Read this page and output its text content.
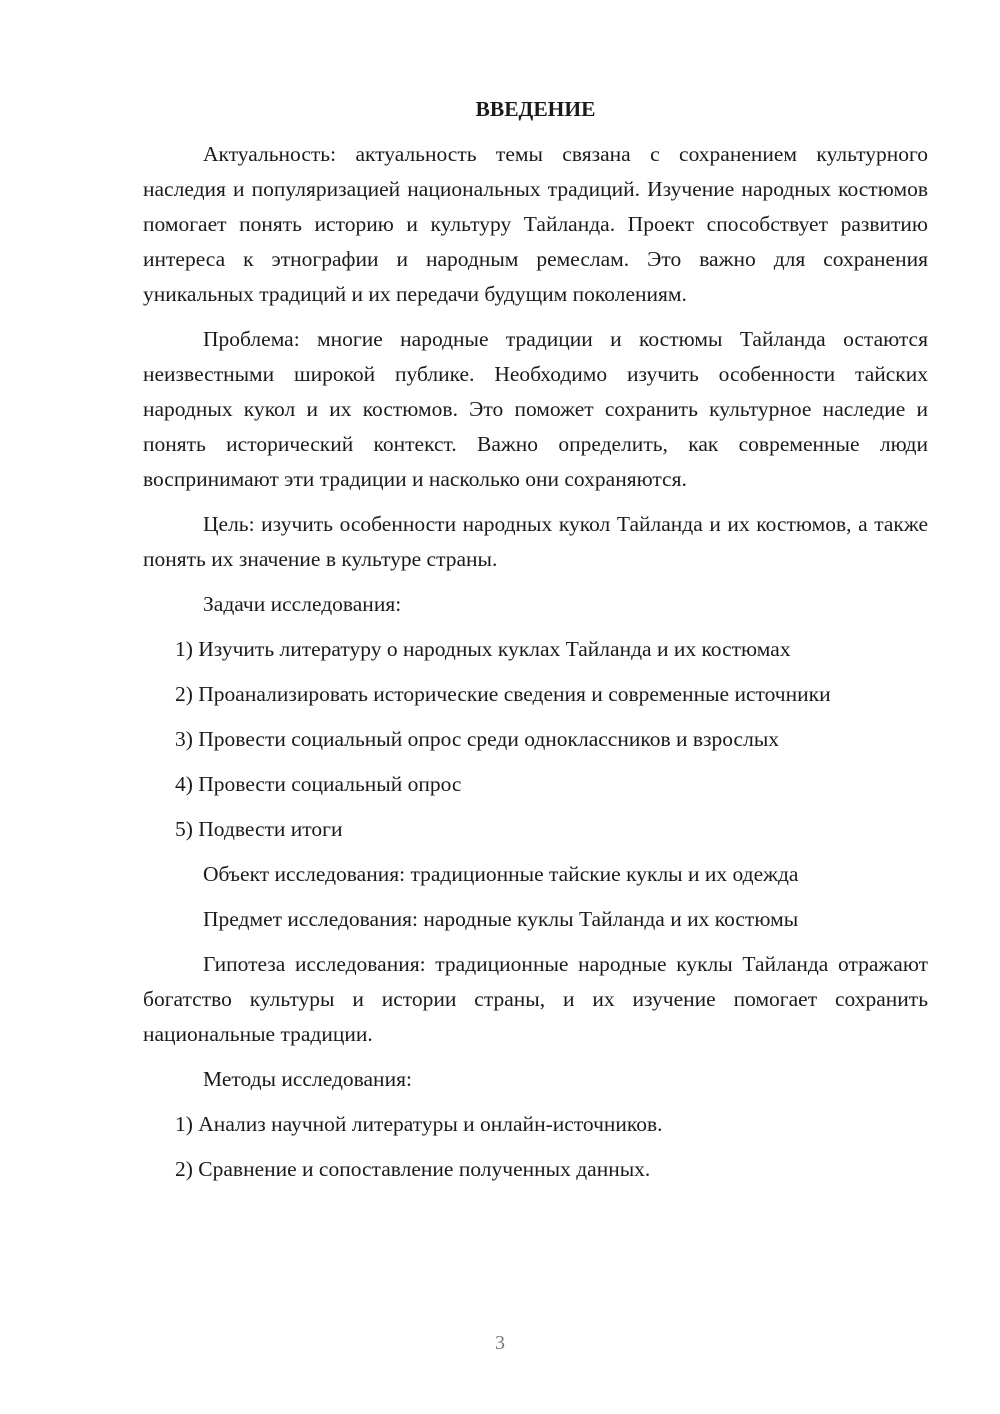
ВВЕДЕНИЕ
Актуальность: актуальность темы связана с сохранением культурного наследия и популяризацией национальных традиций. Изучение народных костюмов помогает понять историю и культуру Тайланда. Проект способствует развитию интереса к этнографии и народным ремеслам. Это важно для сохранения уникальных традиций и их передачи будущим поколениям.
Проблема: многие народные традиции и костюмы Тайланда остаются неизвестными широкой публике. Необходимо изучить особенности тайских народных кукол и их костюмов. Это поможет сохранить культурное наследие и понять исторический контекст. Важно определить, как современные люди воспринимают эти традиции и насколько они сохраняются.
Цель: изучить особенности народных кукол Тайланда и их костюмов, а также понять их значение в культуре страны.
Задачи исследования:
1) Изучить литературу о народных куклах Тайланда и их костюмах
2) Проанализировать исторические сведения и современные источники
3) Провести социальный опрос среди одноклассников и взрослых
4) Провести социальный опрос
5) Подвести итоги
Объект исследования: традиционные тайские куклы и их одежда
Предмет исследования: народные куклы Тайланда и их костюмы
Гипотеза исследования: традиционные народные куклы Тайланда отражают богатство культуры и истории страны, и их изучение помогает сохранить национальные традиции.
Методы исследования:
1) Анализ научной литературы и онлайн-источников.
2) Сравнение и сопоставление полученных данных.
3
